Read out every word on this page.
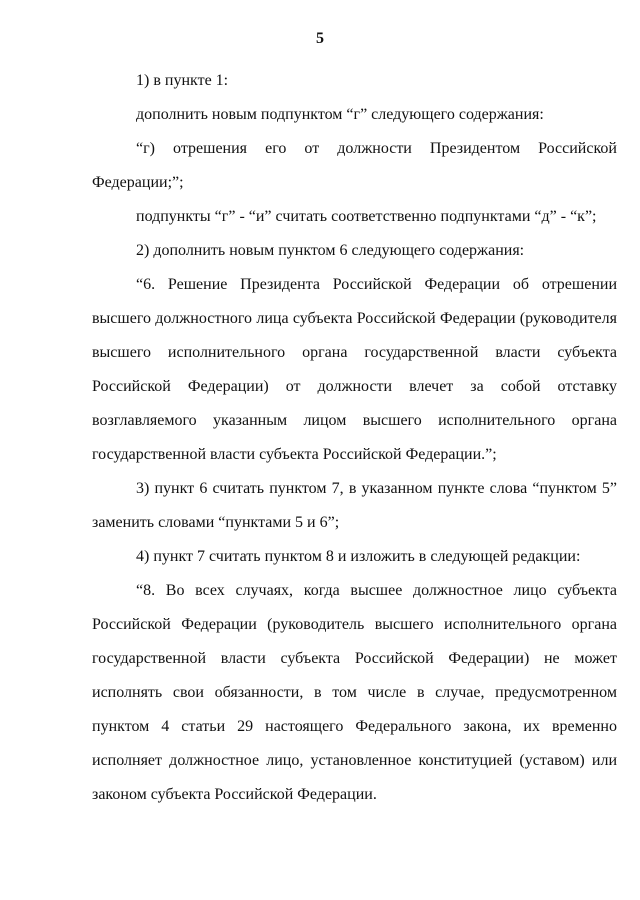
5

1) в пункте 1:

дополнить новым подпунктом “г” следующего содержания:

“г) отрешения его от должности Президентом Российской Федерации;”;

подпункты “г” - “и” считать соответственно подпунктами “д” - “к”;

2) дополнить новым пунктом 6 следующего содержания:

“6. Решение Президента Российской Федерации об отрешении высшего должностного лица субъекта Российской Федерации (руководителя высшего исполнительного органа государственной власти субъекта Российской Федерации) от должности влечет за собой отставку возглавляемого указанным лицом высшего исполнительного органа государственной власти субъекта Российской Федерации.”;

3) пункт 6 считать пунктом 7, в указанном пункте слова “пунктом 5” заменить словами “пунктами 5 и 6”;

4) пункт 7 считать пунктом 8 и изложить в следующей редакции:

“8. Во всех случаях, когда высшее должностное лицо субъекта Российской Федерации (руководитель высшего исполнительного органа государственной власти субъекта Российской Федерации) не может исполнять свои обязанности, в том числе в случае, предусмотренном пунктом 4 статьи 29 настоящего Федерального закона, их временно исполняет должностное лицо, установленное конституцией (уставом) или законом субъекта Российской Федерации.
